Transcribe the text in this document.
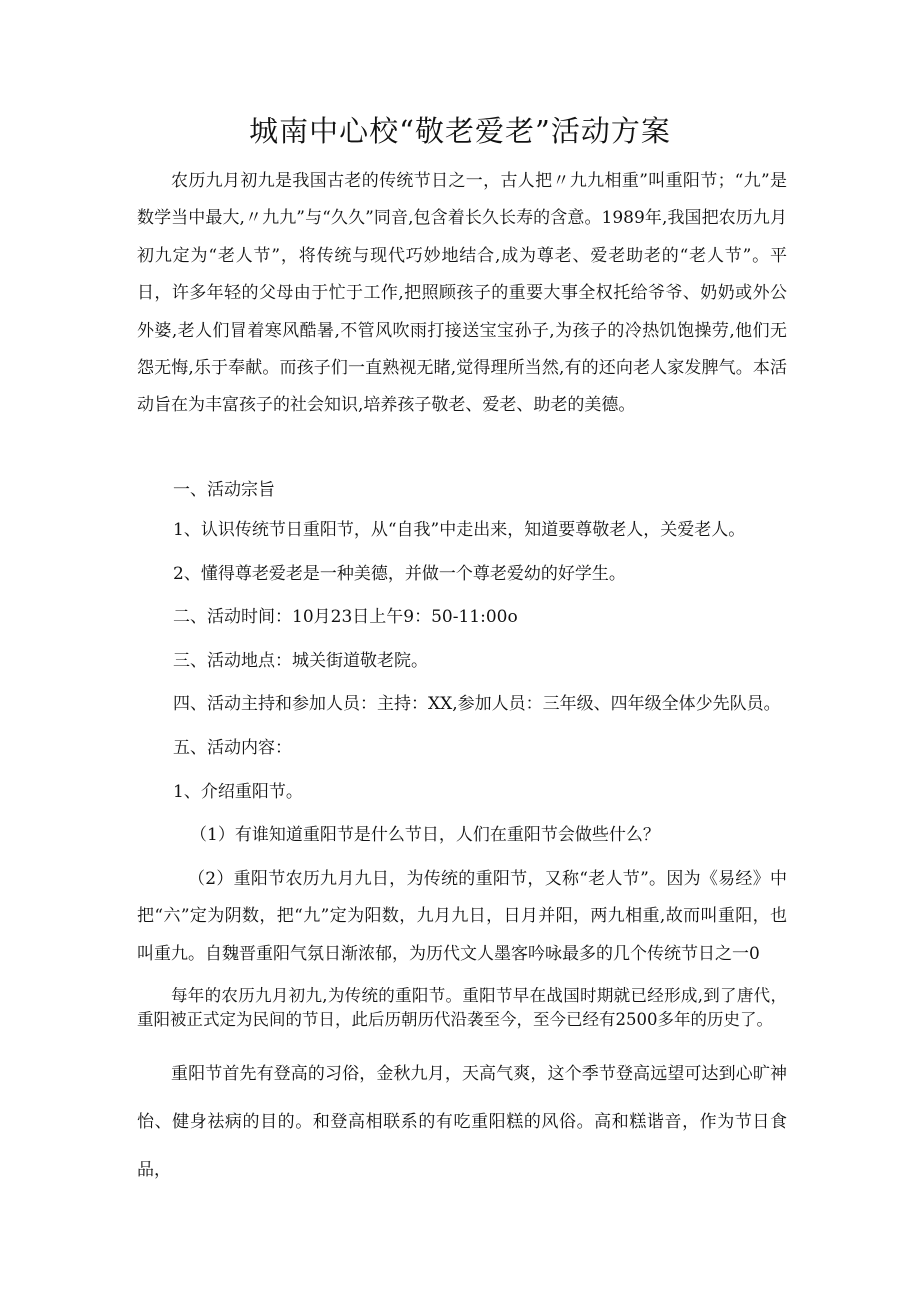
城南中心校“敬老爱老”活动方案

农历九月初九是我国古老的传统节日之一，古人把〃九九相重”叫重阳节；“九”是数学当中最大,〃九九”与“久久”同音,包含着长久长寿的含意。1989年,我国把农历九月初九定为“老人节”，将传统与现代巧妙地结合,成为尊老、爱老助老的“老人节”。平日，许多年轻的父母由于忙于工作,把照顾孩子的重要大事全权托给爷爷、奶奶或外公外婆,老人们冒着寒风酷暑,不管风吹雨打接送宝宝孙子,为孩子的冷热饥饱操劳,他们无怨无悔,乐于奉献。而孩子们一直熟视无睹,觉得理所当然,有的还向老人家发脾气。本活动旨在为丰富孩子的社会知识,培养孩子敬老、爱老、助老的美德。

一、活动宗旨
1、认识传统节日重阳节，从“自我”中走出来，知道要尊敬老人，关爱老人。
2、懂得尊老爱老是一种美德，并做一个尊老爱幼的好学生。
二、活动时间：10月23日上午9：50-11:00o
三、活动地点：城关街道敬老院。
四、活动主持和参加人员：主持：XX,参加人员：三年级、四年级全体少先队员。
五、活动内容：
1、介绍重阳节。
（1）有谁知道重阳节是什么节日，人们在重阳节会做些什么？

（2）重阳节农历九月九日，为传统的重阳节，又称“老人节”。因为《易经》中把“六”定为阴数，把“九”定为阳数，九月九日，日月并阳，两九相重,故而叫重阳，也叫重九。自魏晋重阳气氛日渐浓郁，为历代文人墨客吟咏最多的几个传统节日之一0

每年的农历九月初九,为传统的重阳节。重阳节早在战国时期就已经形成,到了唐代，重阳被正式定为民间的节日，此后历朝历代沿袭至今，至今已经有2500多年的历史了。

重阳节首先有登高的习俗，金秋九月，天高气爽，这个季节登高远望可达到心旷神怡、健身祛病的目的。和登高相联系的有吃重阳糕的风俗。高和糕谐音，作为节日食品，
